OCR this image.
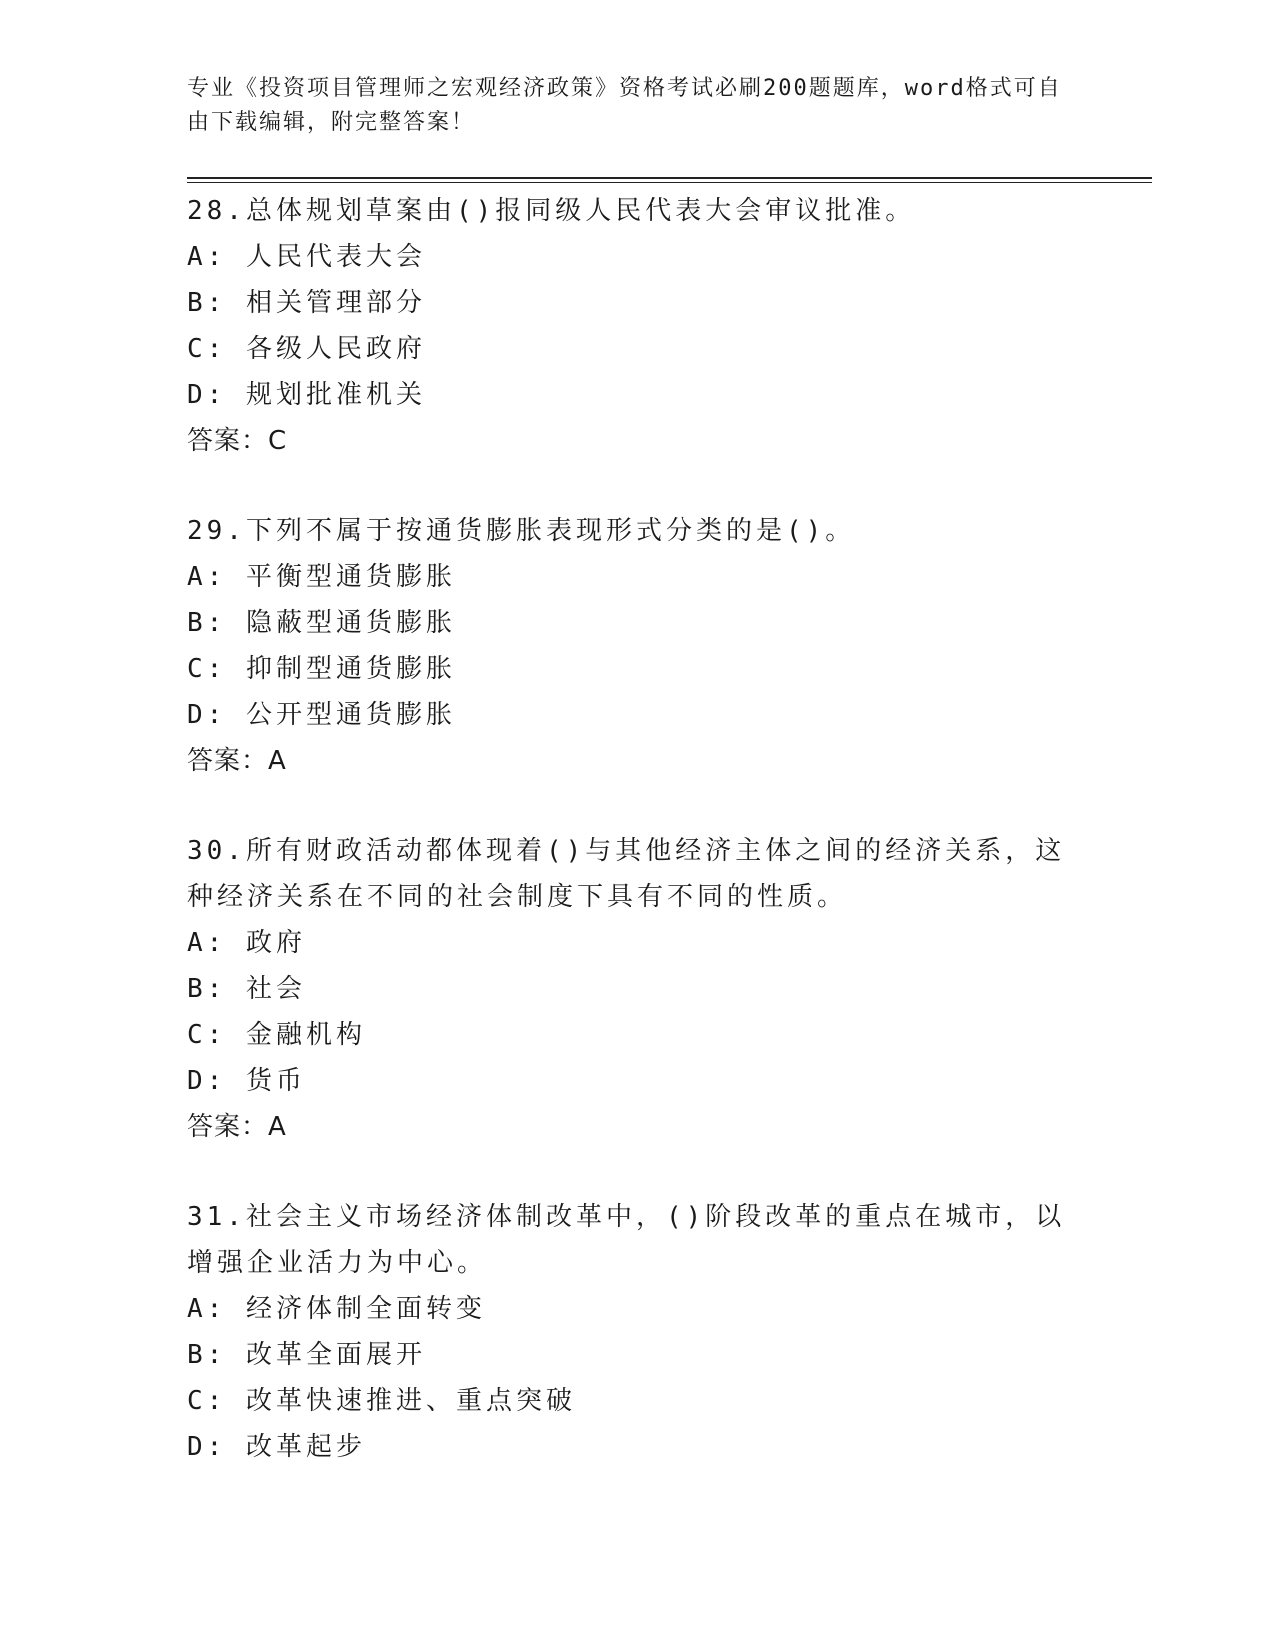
专业《投资项目管理师之宏观经济政策》资格考试必刷200题题库，word格式可自由下载编辑，附完整答案！
28.总体规划草案由()报同级人民代表大会审议批准。
A: 人民代表大会
B: 相关管理部分
C: 各级人民政府
D: 规划批准机关
答案：C
29.下列不属于按通货膨胀表现形式分类的是()。
A: 平衡型通货膨胀
B: 隐蔽型通货膨胀
C: 抑制型通货膨胀
D: 公开型通货膨胀
答案：A
30.所有财政活动都体现着()与其他经济主体之间的经济关系，这种经济关系在不同的社会制度下具有不同的性质。
A: 政府
B: 社会
C: 金融机构
D: 货币
答案：A
31.社会主义市场经济体制改革中，()阶段改革的重点在城市，以增强企业活力为中心。
A: 经济体制全面转变
B: 改革全面展开
C: 改革快速推进、重点突破
D: 改革起步
